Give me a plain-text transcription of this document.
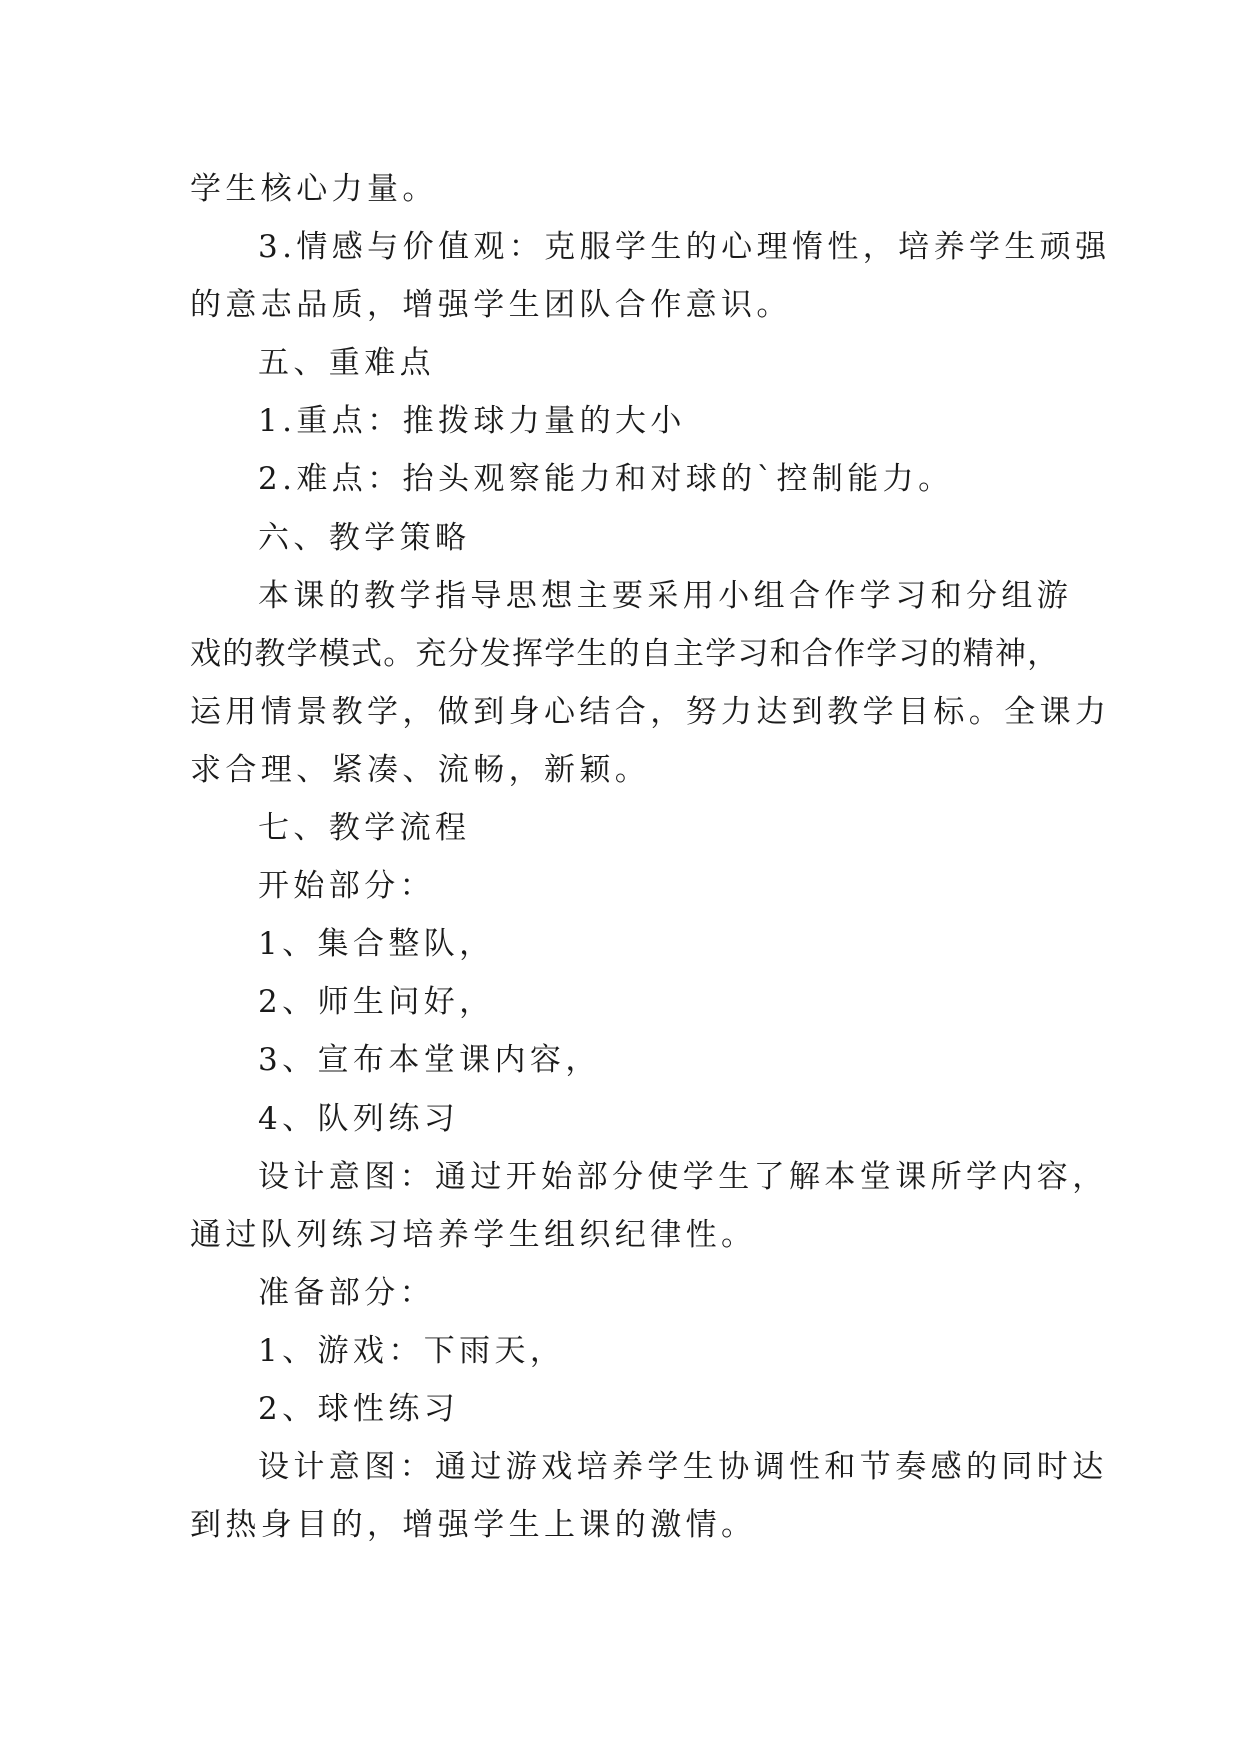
学生核心力量。
3.情感与价值观：克服学生的心理惰性，培养学生顽强
的意志品质，增强学生团队合作意识。
五、重难点
1.重点：推拨球力量的大小
2.难点：抬头观察能力和对球的`控制能力。
六、教学策略
本课的教学指导思想主要采用小组合作学习和分组游
戏的教学模式。充分发挥学生的自主学习和合作学习的精神，
运用情景教学，做到身心结合，努力达到教学目标。全课力
求合理、紧凑、流畅，新颖。
七、教学流程
开始部分：
1、集合整队，
2、师生问好，
3、宣布本堂课内容，
4、队列练习
设计意图：通过开始部分使学生了解本堂课所学内容，
通过队列练习培养学生组织纪律性。
准备部分：
1、游戏：下雨天，
2、球性练习
设计意图：通过游戏培养学生协调性和节奏感的同时达
到热身目的，增强学生上课的激情。
